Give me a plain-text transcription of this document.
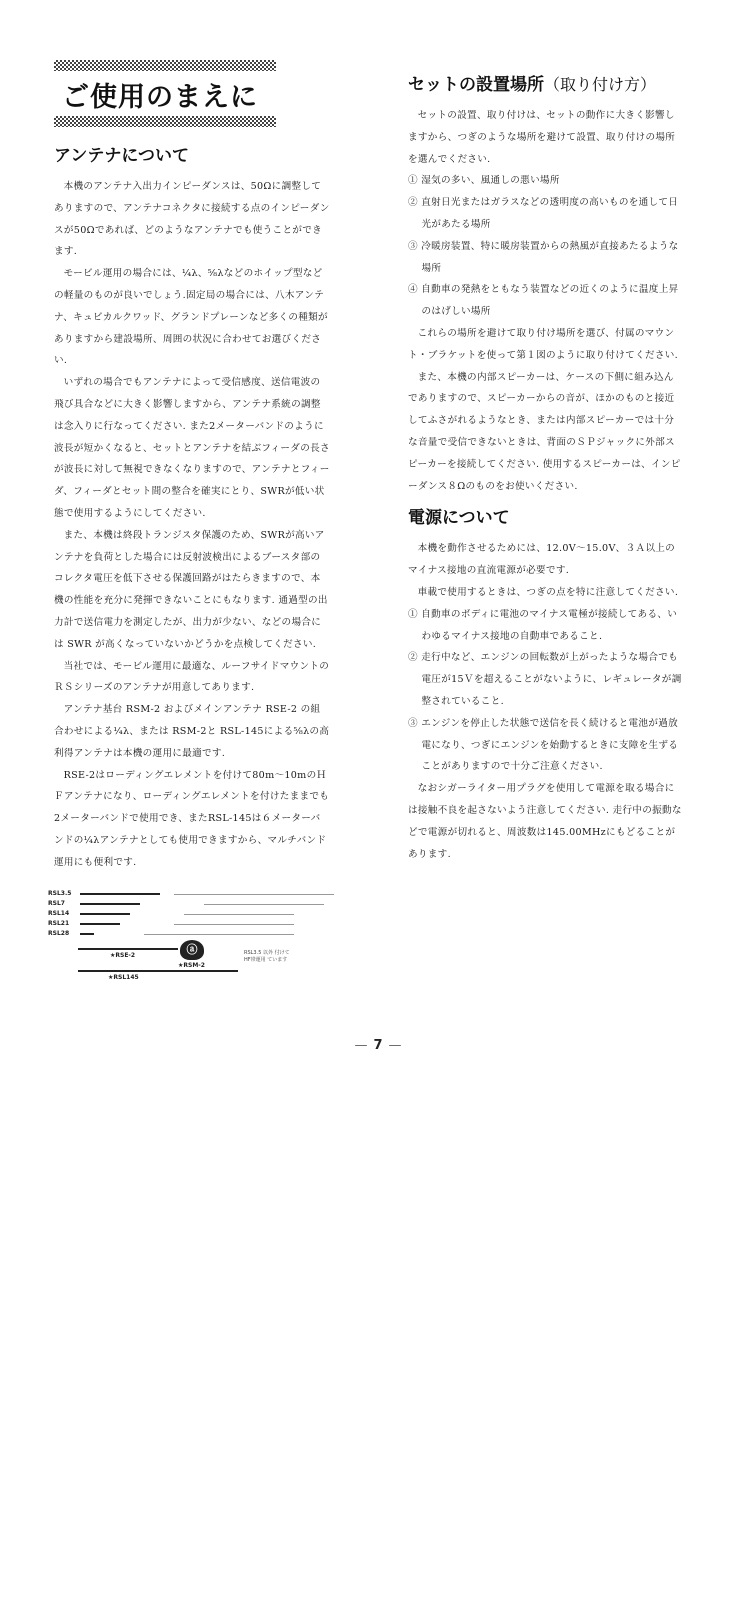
ご使用のまえに
アンテナについて

本機のアンテナ入出力インピーダンスは、50Ωに調整してありますので、アンテナコネクタに接続する点のインピーダンスが50Ωであれば、どのようなアンテナでも使うことができます.

モービル運用の場合には、¼λ、⅝λなどのホイップ型などの軽量のものが良いでしょう.固定局の場合には、八木アンテナ、キュビカルクワッド、グランドプレーンなど多くの種類がありますから建設場所、周囲の状況に合わせてお選びください.

いずれの場合でもアンテナによって受信感度、送信電波の飛び具合などに大きく影響しますから、アンテナ系統の調整は念入りに行なってください. また2メーターバンドのように波長が短かくなると、セットとアンテナを結ぶフィーダの長さが波長に対して無視できなくなりますので、アンテナとフィーダ、フィーダとセット間の整合を確実にとり、SWRが低い状態で使用するようにしてください.

また、本機は終段トランジスタ保護のため、SWRが高いアンテナを負荷とした場合には反射波検出によるブースタ部のコレクタ電圧を低下させる保護回路がはたらきますので、本機の性能を充分に発揮できないことにもなります. 通過型の出力計で送信電力を測定したが、出力が少ない、などの場合には SWR が高くなっていないかどうかを点検してください.

当社では、モービル運用に最適な、ルーフサイドマウントのＲＳシリーズのアンテナが用意してあります.

アンテナ基台 RSM-2 およびメインアンテナ RSE-2 の組合わせによる¼λ、または RSM-2と RSL-145による⅝λの高利得アンテナは本機の運用に最適です.

RSE-2はローディングエレメントを付けて80m～10mのＨＦアンテナになり、ローディングエレメントを付けたままでも2メーターバンドで使用でき、またRSL-145は６メーターバンドの¼λアンテナとしても使用できますから、マルチバンド運用にも便利です.

RSL3.5
RSL7
RSL14
RSL21
RSL28
★RSE-2	ⓐ
★RSM-2
★RSL145
RSL3.5 以外 付けて
HF帯運用 ています
セットの設置場所（取り付け方）

セットの設置、取り付けは、セットの動作に大きく影響しますから、つぎのような場所を避けて設置、取り付けの場所を選んでください.

① 湿気の多い、風通しの悪い場所

② 直射日光またはガラスなどの透明度の高いものを通して日光があたる場所

③ 冷暖房装置、特に暖房装置からの熱風が直接あたるような場所

④ 自動車の発熱をともなう装置などの近くのように温度上昇のはげしい場所

これらの場所を避けて取り付け場所を選び、付属のマウント・ブラケットを使って第１図のように取り付けてください.

また、本機の内部スピーカーは、ケースの下側に組み込んでありますので、スピーカーからの音が、ほかのものと接近してふさがれるようなとき、または内部スピーカーでは十分な音量で受信できないときは、背面のＳＰジャックに外部スピーカーを接続してください. 使用するスピーカーは、インピーダンス８Ωのものをお使いください.

電源について

本機を動作させるためには、12.0V～15.0V、３Ａ以上のマイナス接地の直流電源が必要です.

車載で使用するときは、つぎの点を特に注意してください.

① 自動車のボディに電池のマイナス電極が接続してある、いわゆるマイナス接地の自動車であること.

② 走行中など、エンジンの回転数が上がったような場合でも電圧が15Ｖを超えることがないように、レギュレータが調整されていること.

③ エンジンを停止した状態で送信を長く続けると電池が過放電になり、つぎにエンジンを始動するときに支障を生ずることがありますので十分ご注意ください.

なおシガーライター用プラグを使用して電源を取る場合には接触不良を起さないよう注意してください. 走行中の振動などで電源が切れると、周波数は145.00MHzにもどることがあります.

— 7 —
